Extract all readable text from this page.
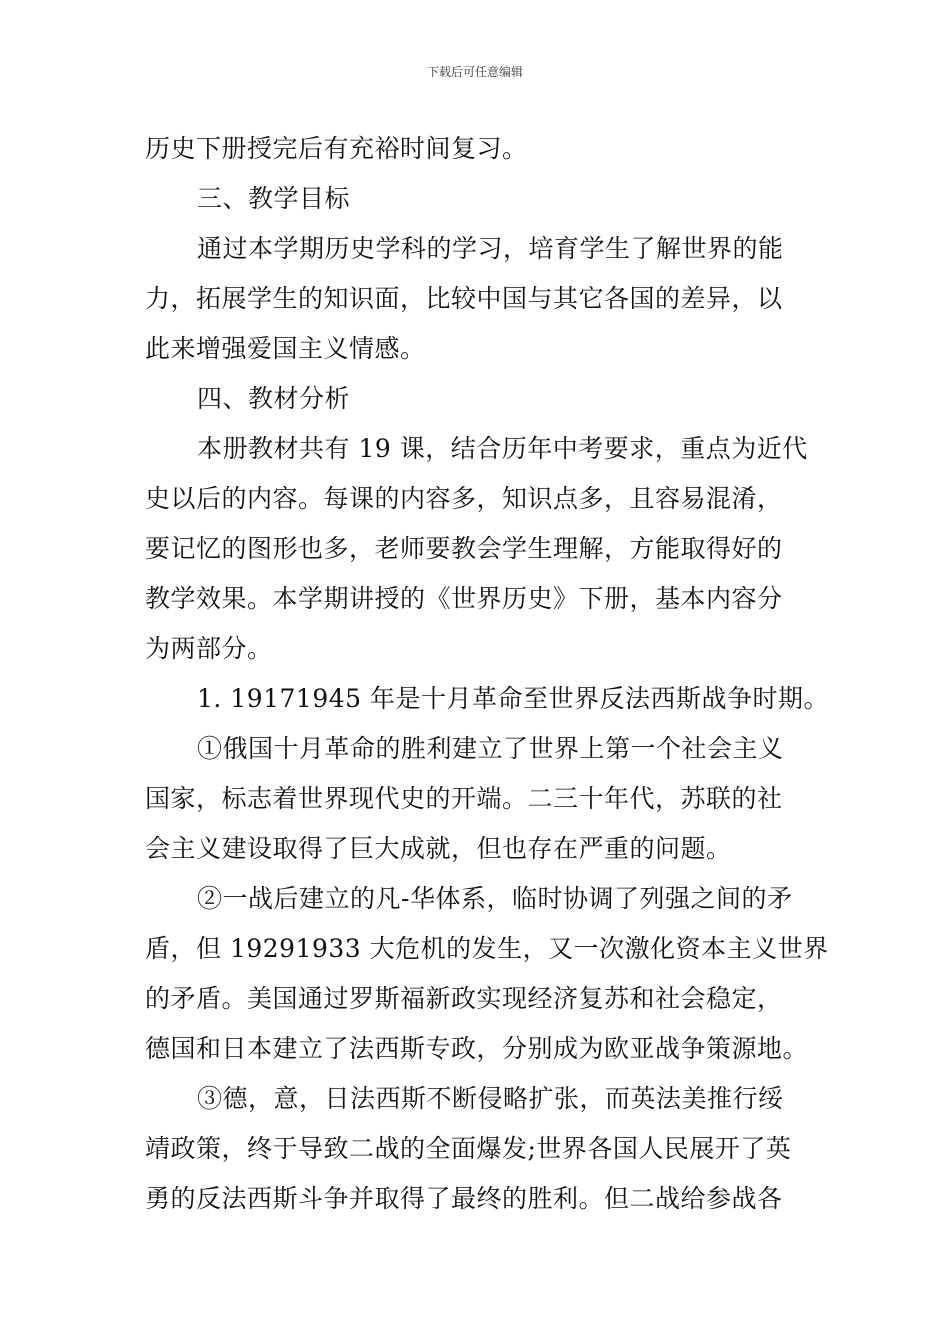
下载后可任意编辑
历史下册授完后有充裕时间复习。
三、教学目标
通过本学期历史学科的学习，培育学生了解世界的能
力，拓展学生的知识面，比较中国与其它各国的差异，以
此来增强爱国主义情感。
四、教材分析
本册教材共有 19 课，结合历年中考要求，重点为近代
史以后的内容。每课的内容多，知识点多，且容易混淆，
要记忆的图形也多，老师要教会学生理解，方能取得好的
教学效果。本学期讲授的《世界历史》下册，基本内容分
为两部分。
1. 19171945 年是十月革命至世界反法西斯战争时期。
①俄国十月革命的胜利建立了世界上第一个社会主义
国家，标志着世界现代史的开端。二三十年代，苏联的社
会主义建设取得了巨大成就，但也存在严重的问题。
②一战后建立的凡-华体系，临时协调了列强之间的矛
盾，但 19291933 大危机的发生，又一次激化资本主义世界
的矛盾。美国通过罗斯福新政实现经济复苏和社会稳定，
德国和日本建立了法西斯专政，分别成为欧亚战争策源地。
③德，意，日法西斯不断侵略扩张，而英法美推行绥
靖政策，终于导致二战的全面爆发;世界各国人民展开了英
勇的反法西斯斗争并取得了最终的胜利。但二战给参战各
